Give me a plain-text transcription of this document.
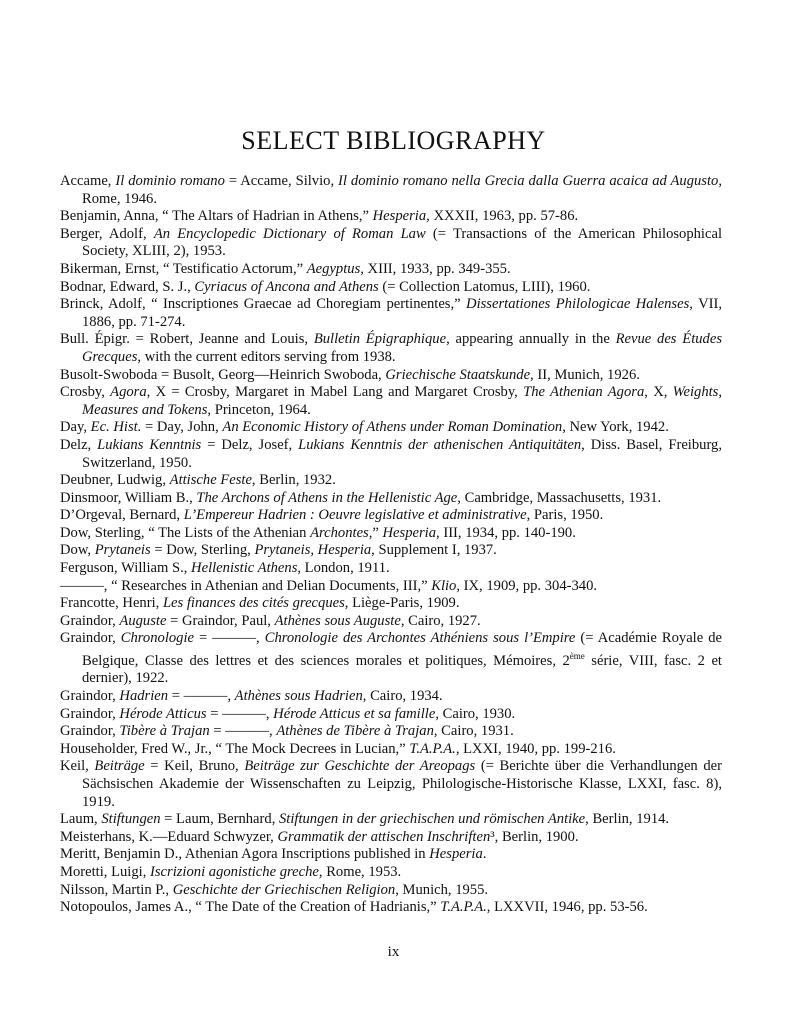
SELECT BIBLIOGRAPHY

Accame, Il dominio romano = Accame, Silvio, Il dominio romano nella Grecia dalla Guerra acaica ad Augusto, Rome, 1946.

Benjamin, Anna, “ The Altars of Hadrian in Athens,” Hesperia, XXXII, 1963, pp. 57-86.

Berger, Adolf, An Encyclopedic Dictionary of Roman Law (= Transactions of the American Philosophical Society, XLIII, 2), 1953.

Bikerman, Ernst, “ Testificatio Actorum,” Aegyptus, XIII, 1933, pp. 349-355.

Bodnar, Edward, S. J., Cyriacus of Ancona and Athens (= Collection Latomus, LIII), 1960.

Brinck, Adolf, “ Inscriptiones Graecae ad Choregiam pertinentes,” Dissertationes Philologicae Halenses, VII, 1886, pp. 71-274.

Bull. Épigr. = Robert, Jeanne and Louis, Bulletin Épigraphique, appearing annually in the Revue des Études Grecques, with the current editors serving from 1938.

Busolt-Swoboda = Busolt, Georg—Heinrich Swoboda, Griechische Staatskunde, II, Munich, 1926.

Crosby, Agora, X = Crosby, Margaret in Mabel Lang and Margaret Crosby, The Athenian Agora, X, Weights, Measures and Tokens, Princeton, 1964.

Day, Ec. Hist. = Day, John, An Economic History of Athens under Roman Domination, New York, 1942.

Delz, Lukians Kenntnis = Delz, Josef, Lukians Kenntnis der athenischen Antiquitäten, Diss. Basel, Freiburg, Switzerland, 1950.

Deubner, Ludwig, Attische Feste, Berlin, 1932.

Dinsmoor, William B., The Archons of Athens in the Hellenistic Age, Cambridge, Massachusetts, 1931.

D’Orgeval, Bernard, L’Empereur Hadrien : Oeuvre legislative et administrative, Paris, 1950.

Dow, Sterling, “ The Lists of the Athenian Archontes,” Hesperia, III, 1934, pp. 140-190.

Dow, Prytaneis = Dow, Sterling, Prytaneis, Hesperia, Supplement I, 1937.

Ferguson, William S., Hellenistic Athens, London, 1911.

———, “ Researches in Athenian and Delian Documents, III,” Klio, IX, 1909, pp. 304-340.

Francotte, Henri, Les finances des cités grecques, Liège-Paris, 1909.

Graindor, Auguste = Graindor, Paul, Athènes sous Auguste, Cairo, 1927.

Graindor, Chronologie = ———, Chronologie des Archontes Athéniens sous l’Empire (= Académie Royale de Belgique, Classe des lettres et des sciences morales et politiques, Mémoires, 2ème série, VIII, fasc. 2 et dernier), 1922.

Graindor, Hadrien = ———, Athènes sous Hadrien, Cairo, 1934.

Graindor, Hérode Atticus = ———, Hérode Atticus et sa famille, Cairo, 1930.

Graindor, Tibère à Trajan = ———, Athènes de Tibère à Trajan, Cairo, 1931.

Householder, Fred W., Jr., “ The Mock Decrees in Lucian,” T.A.P.A., LXXI, 1940, pp. 199-216.

Keil, Beiträge = Keil, Bruno, Beiträge zur Geschichte der Areopags (= Berichte über die Verhandlungen der Sächsischen Akademie der Wissenschaften zu Leipzig, Philologische-Historische Klasse, LXXI, fasc. 8), 1919.

Laum, Stiftungen = Laum, Bernhard, Stiftungen in der griechischen und römischen Antike, Berlin, 1914.

Meisterhans, K.—Eduard Schwyzer, Grammatik der attischen Inschriften³, Berlin, 1900.

Meritt, Benjamin D., Athenian Agora Inscriptions published in Hesperia.

Moretti, Luigi, Iscrizioni agonistiche greche, Rome, 1953.

Nilsson, Martin P., Geschichte der Griechischen Religion, Munich, 1955.

Notopoulos, James A., “ The Date of the Creation of Hadrianis,” T.A.P.A., LXXVII, 1946, pp. 53-56.

ix
